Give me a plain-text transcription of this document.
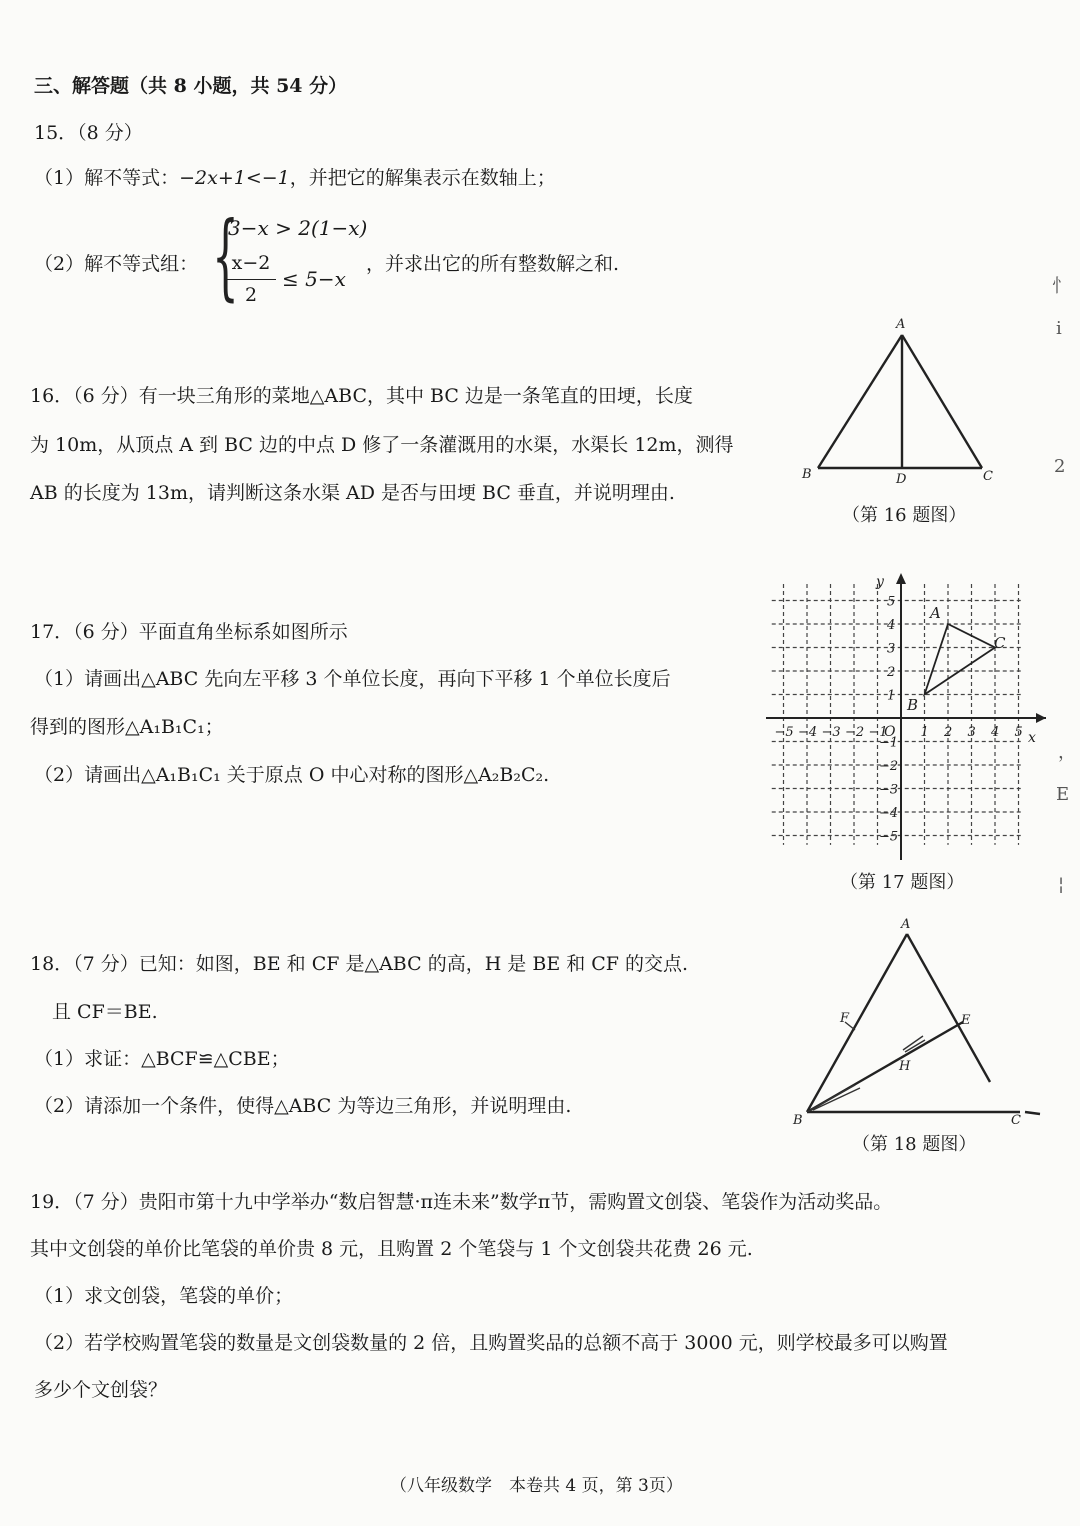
三、解答题（共 8 小题，共 54 分）
15．（8 分）
（1）解不等式：−2x+1<−1，并把它的解集表示在数轴上；
（2）解不等式组： {
3−x > 2(1−x)
x−2
2
≤ 5−x
，并求出它的所有整数解之和.
16．（6 分）有一块三角形的菜地△ABC，其中 BC 边是一条笔直的田埂，长度
为 10m，从顶点 A 到 BC 边的中点 D 修了一条灌溉用的水渠，水渠长 12m，测得
AB 的长度为 13m，请判断这条水渠 AD 是否与田埂 BC 垂直，并说明理由.
A
B	C
D
（第 16 题图）
17．（6 分）平面直角坐标系如图所示
（1）请画出△ABC 先向左平移 3 个单位长度，再向下平移 1 个单位长度后
得到的图形△A₁B₁C₁；
（2）请画出△A₁B₁C₁ 关于原点 O 中心对称的图形△A₂B₂C₂.
−5
−5
−4
−4
−3
−3
−2
−2
−1
−1
1
1
2
2
3
3
4
4
5
5
x
y
O
A
B
C
（第 17 题图）
18．（7 分）已知：如图，BE 和 CF 是△ABC 的高，H 是 BE 和 CF 的交点.
且 CF＝BE.
（1）求证：△BCF≌△CBE；
（2）请添加一个条件，使得△ABC 为等边三角形，并说明理由.
A
B	C
E
F
H
（第 18 题图）
19．（7 分）贵阳市第十九中学举办“数启智慧·π连未来”数学π节，需购置文创袋、笔袋作为活动奖品。
其中文创袋的单价比笔袋的单价贵 8 元，且购置 2 个笔袋与 1 个文创袋共花费 26 元.
（1）求文创袋，笔袋的单价；
（2）若学校购置笔袋的数量是文创袋数量的 2 倍，且购置奖品的总额不高于 3000 元，则学校最多可以购置
多少个文创袋？
（八年级数学　本卷共 4 页，第 3页）
忄
i
2
，
E
¦
